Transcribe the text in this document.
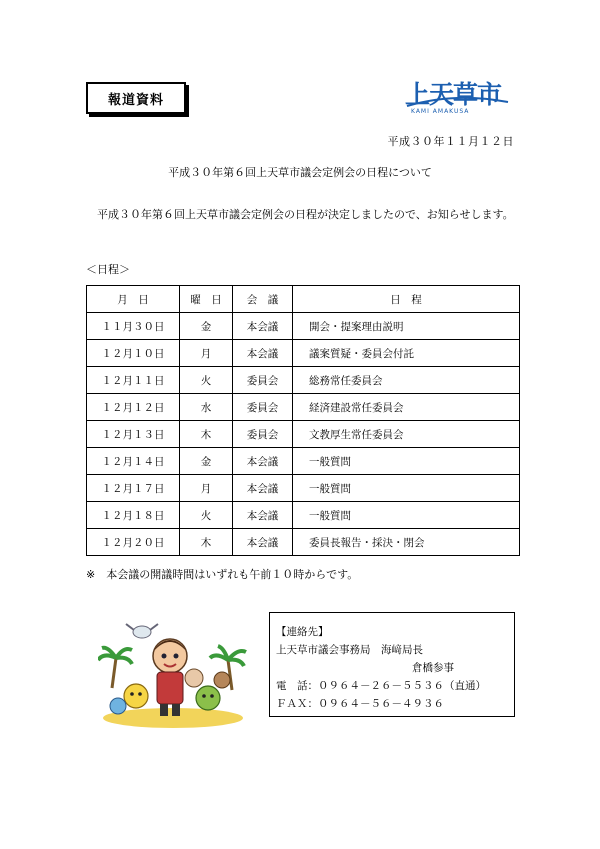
報道資料	上天草市
KAMI AMAKUSA
平成３０年１１月１２日
平成３０年第６回上天草市議会定例会の日程について
平成３０年第６回上天草市議会定例会の日程が決定しましたので、お知らせします。
＜日程＞
月　日	曜　日	会　議	日　程
１１月３０日	金	本会議	開会・提案理由説明
１２月１０日	月	本会議	議案質疑・委員会付託
１２月１１日	火	委員会	総務常任委員会
１２月１２日	水	委員会	経済建設常任委員会
１２月１３日	木	委員会	文教厚生常任委員会
１２月１４日	金	本会議	一般質問
１２月１７日	月	本会議	一般質問
１２月１８日	火	本会議	一般質問
１２月２０日	木	本会議	委員長報告・採決・閉会
※　本会議の開議時間はいずれも午前１０時からです。
【連絡先】
上天草市議会事務局　海﨑局長
倉橋参事
電　話：０９６４－２６－５５３６（直通）
ＦＡＸ：０９６４－５６－４９３６
